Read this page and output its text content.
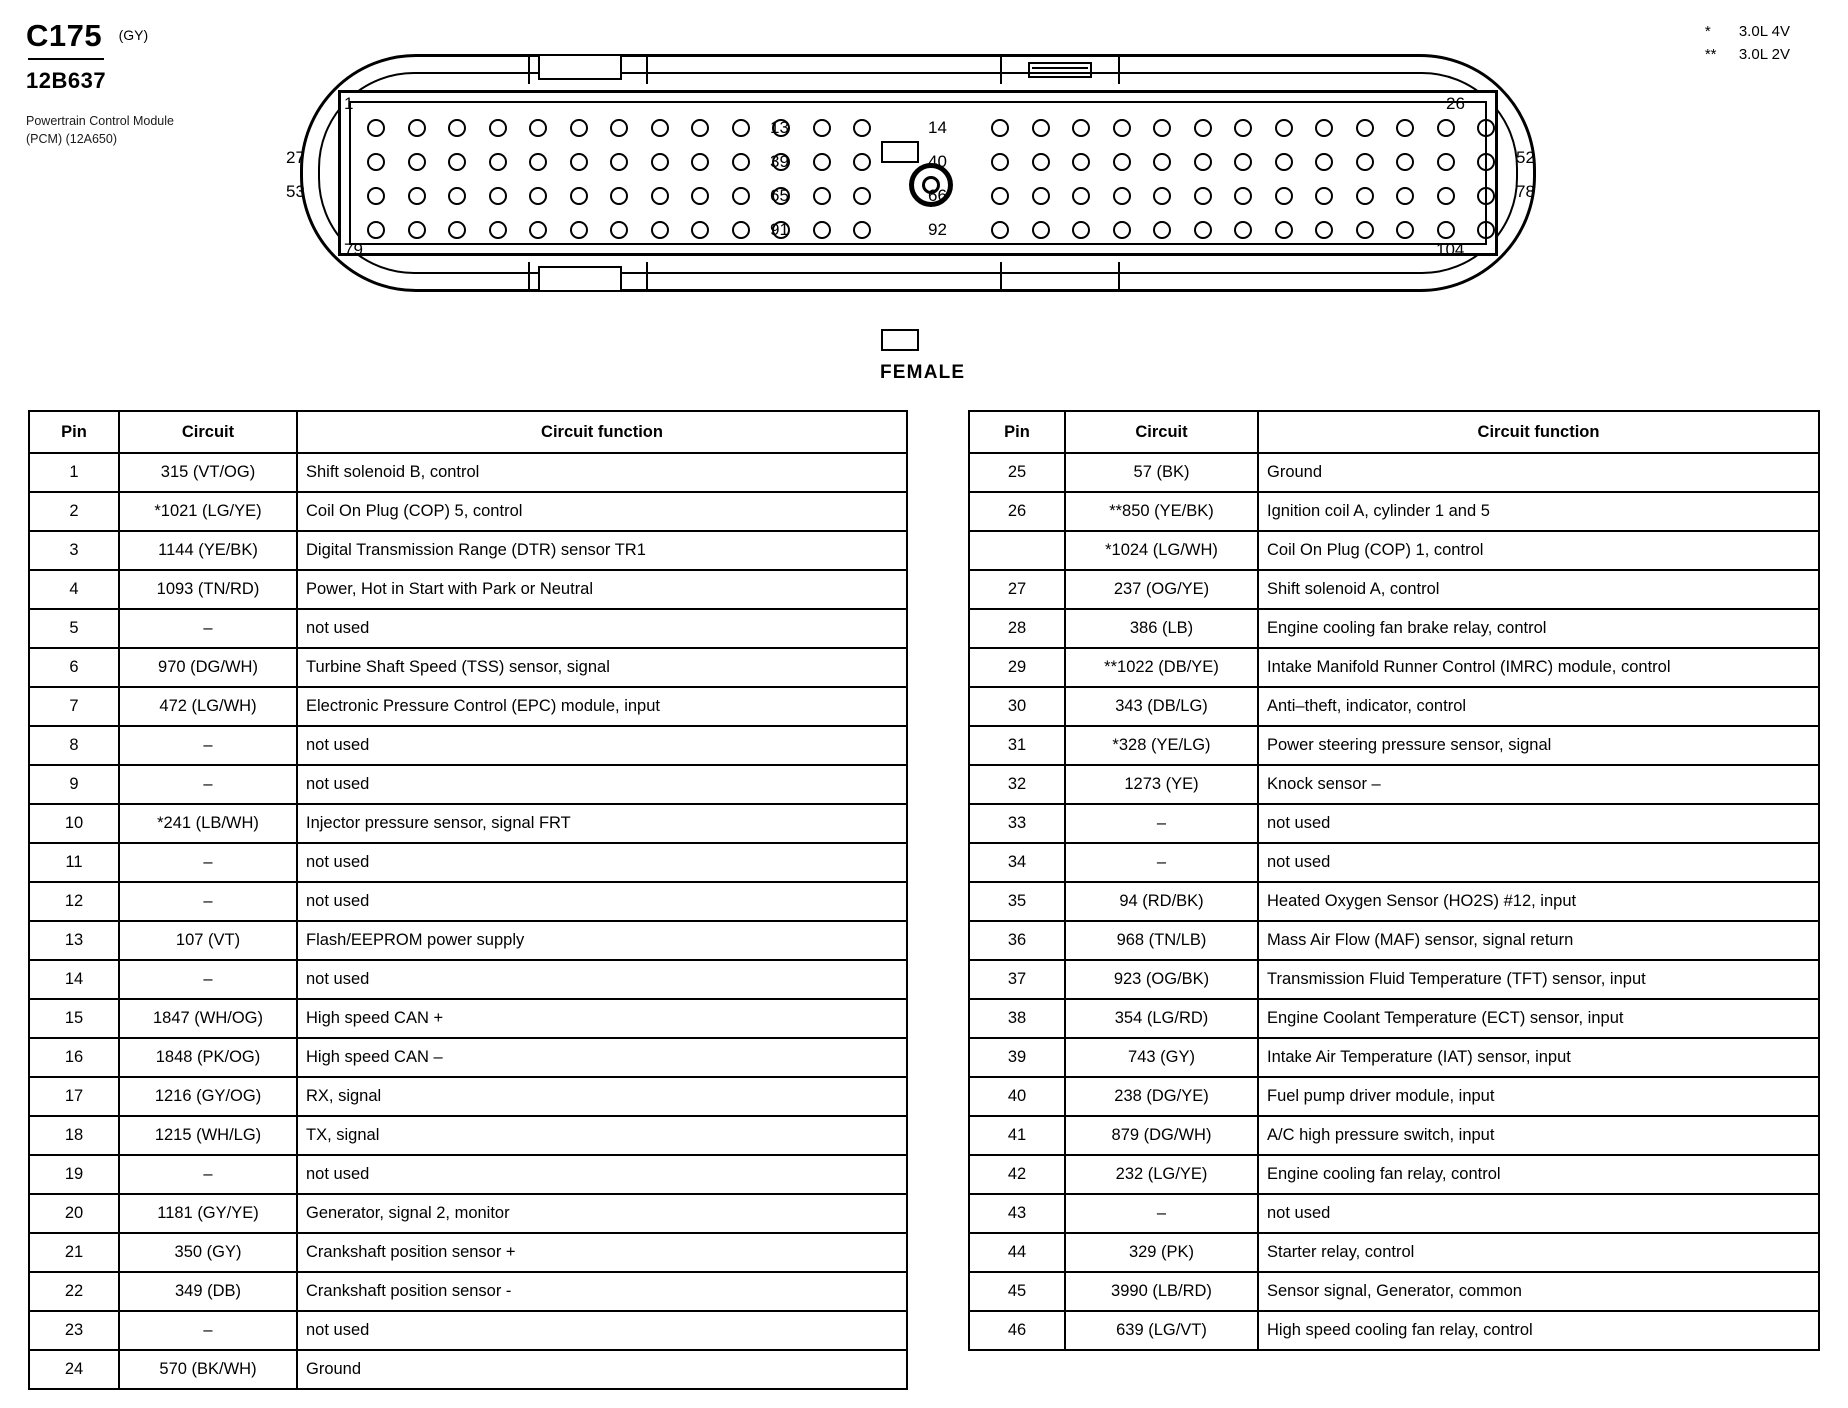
C175 (GY)
12B637
Powertrain Control Module
(PCM) (12A650)
*	3.0L 4V
**	3.0L 2V
1	26
27
53
52
78
79	104
13
39
65
91
14
40
66
92
FEMALE
Pin	Circuit	Circuit function
1	315 (VT/OG)	Shift solenoid B, control
2	*1021 (LG/YE)	Coil On Plug (COP) 5, control
3	1144 (YE/BK)	Digital Transmission Range (DTR) sensor TR1
4	1093 (TN/RD)	Power, Hot in Start with Park or Neutral
5	–	not used
6	970 (DG/WH)	Turbine Shaft Speed (TSS) sensor, signal
7	472 (LG/WH)	Electronic Pressure Control (EPC) module, input
8	–	not used
9	–	not used
10	*241 (LB/WH)	Injector pressure sensor, signal FRT
11	–	not used
12	–	not used
13	107 (VT)	Flash/EEPROM power supply
14	–	not used
15	1847 (WH/OG)	High speed CAN +
16	1848 (PK/OG)	High speed CAN –
17	1216 (GY/OG)	RX, signal
18	1215 (WH/LG)	TX, signal
19	–	not used
20	1181 (GY/YE)	Generator, signal 2, monitor
21	350 (GY)	Crankshaft position sensor +
22	349 (DB)	Crankshaft position sensor -
23	–	not used
24	570 (BK/WH)	Ground
Pin	Circuit	Circuit function
25	57 (BK)	Ground
26	**850 (YE/BK)	Ignition coil A, cylinder 1 and 5
	*1024 (LG/WH)	Coil On Plug (COP) 1, control
27	237 (OG/YE)	Shift solenoid A, control
28	386 (LB)	Engine cooling fan brake relay, control
29	**1022 (DB/YE)	Intake Manifold Runner Control (IMRC) module, control
30	343 (DB/LG)	Anti–theft, indicator, control
31	*328 (YE/LG)	Power steering pressure sensor, signal
32	1273 (YE)	Knock sensor –
33	–	not used
34	–	not used
35	94 (RD/BK)	Heated Oxygen Sensor (HO2S) #12, input
36	968 (TN/LB)	Mass Air Flow (MAF) sensor, signal return
37	923 (OG/BK)	Transmission Fluid Temperature (TFT) sensor, input
38	354 (LG/RD)	Engine Coolant Temperature (ECT) sensor, input
39	743 (GY)	Intake Air Temperature (IAT) sensor, input
40	238 (DG/YE)	Fuel pump driver module, input
41	879 (DG/WH)	A/C high pressure switch, input
42	232 (LG/YE)	Engine cooling fan relay, control
43	–	not used
44	329 (PK)	Starter relay, control
45	3990 (LB/RD)	Sensor signal, Generator, common
46	639 (LG/VT)	High speed cooling fan relay, control
